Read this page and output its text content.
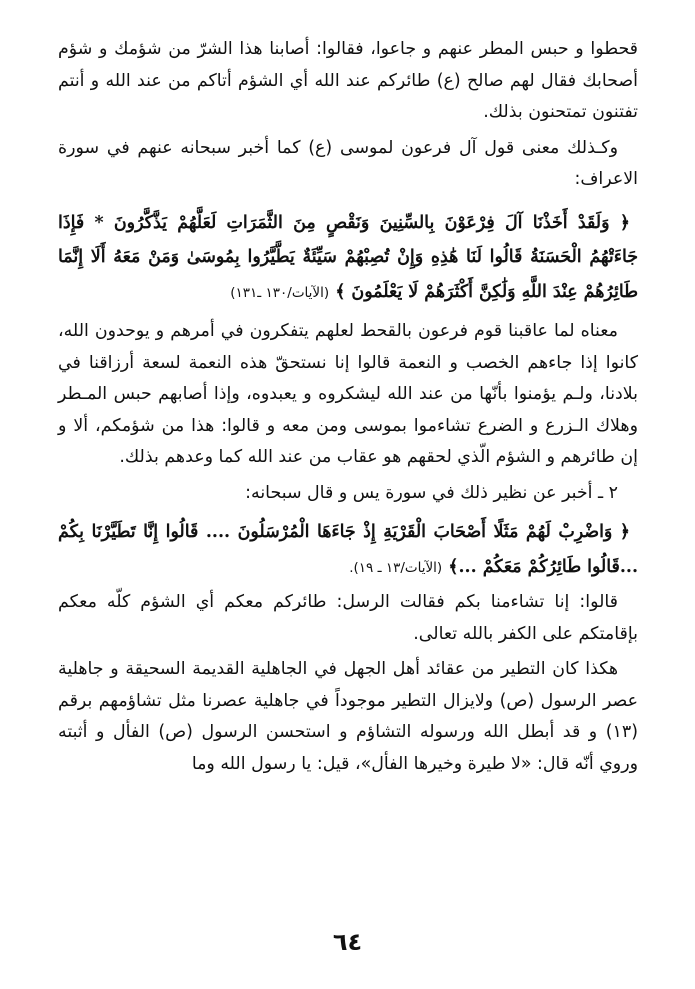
قحطوا و حبس المطر عنهم و جاعوا، فقالوا: أصابنا هذا الشرّ من شؤمك و شؤم أصحابك فقال لهم صالح (ع) طائركم عند الله أي الشؤم أتاكم من عند الله و أنتم تفتنون تمتحنون بذلك.

وكـذلك معنى قول آل فرعون لموسى (ع) كما أخبر سبحانه عنهم في سورة الاعراف:

﴿ وَلَقَدْ أَخَذْنَا آلَ فِرْعَوْنَ بِالسِّنِينَ وَنَقْصٍ مِنَ الثَّمَرَاتِ لَعَلَّهُمْ يَذَّكَّرُونَ * فَإِذَا جَاءَتْهُمُ الْحَسَنَةُ قَالُوا لَنَا هَٰذِهِ وَإِنْ تُصِبْهُمْ سَيِّئَةٌ يَطَّيَّرُوا بِمُوسَىٰ وَمَنْ مَعَهُ أَلَا إِنَّمَا طَائِرُهُمْ عِنْدَ اللَّهِ وَلَٰكِنَّ أَكْثَرَهُمْ لَا يَعْلَمُونَ ﴾ (الآيات/١٣٠ ـ١٣١)

معناه لما عاقبنا قوم فرعون بالقحط لعلهم يتفكرون في أمرهم و يوحدون الله، كانوا إذا جاءهم الخصب و النعمة قالوا إنا نستحقّ هذه النعمة لسعة أرزاقنا في بلادنا، ولـم يؤمنوا بأنّها من عند الله ليشكروه و يعبدوه، وإذا أصابهم حبس المـطر وهلاك الـزرع و الضرع تشاءموا بموسى ومن معه و قالوا: هذا من شؤمكم، ألا و إن طائرهم و الشؤم الّذي لحقهم هو عقاب من عند الله كما وعدهم بذلك.

٢ ـ أخبر عن نظير ذلك في سورة يس و قال سبحانه:

﴿ وَاضْرِبْ لَهُمْ مَثَلًا أَصْحَابَ الْقَرْيَةِ إِذْ جَاءَهَا الْمُرْسَلُونَ .... قَالُوا إِنَّا تَطَيَّرْنَا بِكُمْ ...قَالُوا طَائِرُكُمْ مَعَكُمْ ...﴾ (الآيات/١٣ ـ ١٩).

قالوا: إنا تشاءمنا بكم فقالت الرسل: طائركم معكم أي الشؤم كلّه معكم بإقامتكم على الكفر بالله تعالى.

هكذا كان التطير من عقائد أهل الجهل في الجاهلية القديمة السحيقة و جاهلية عصر الرسول (ص) ولايزال التطير موجوداً في جاهلية عصرنا مثل تشاؤمهم برقم (١٣) و قد أبطل الله ورسوله التشاؤم و استحسن الرسول (ص) الفأل و أثبته وروي أنّه قال: «لا طيرة وخيرها الفأل»، قيل: يا رسول الله وما

٦٤
